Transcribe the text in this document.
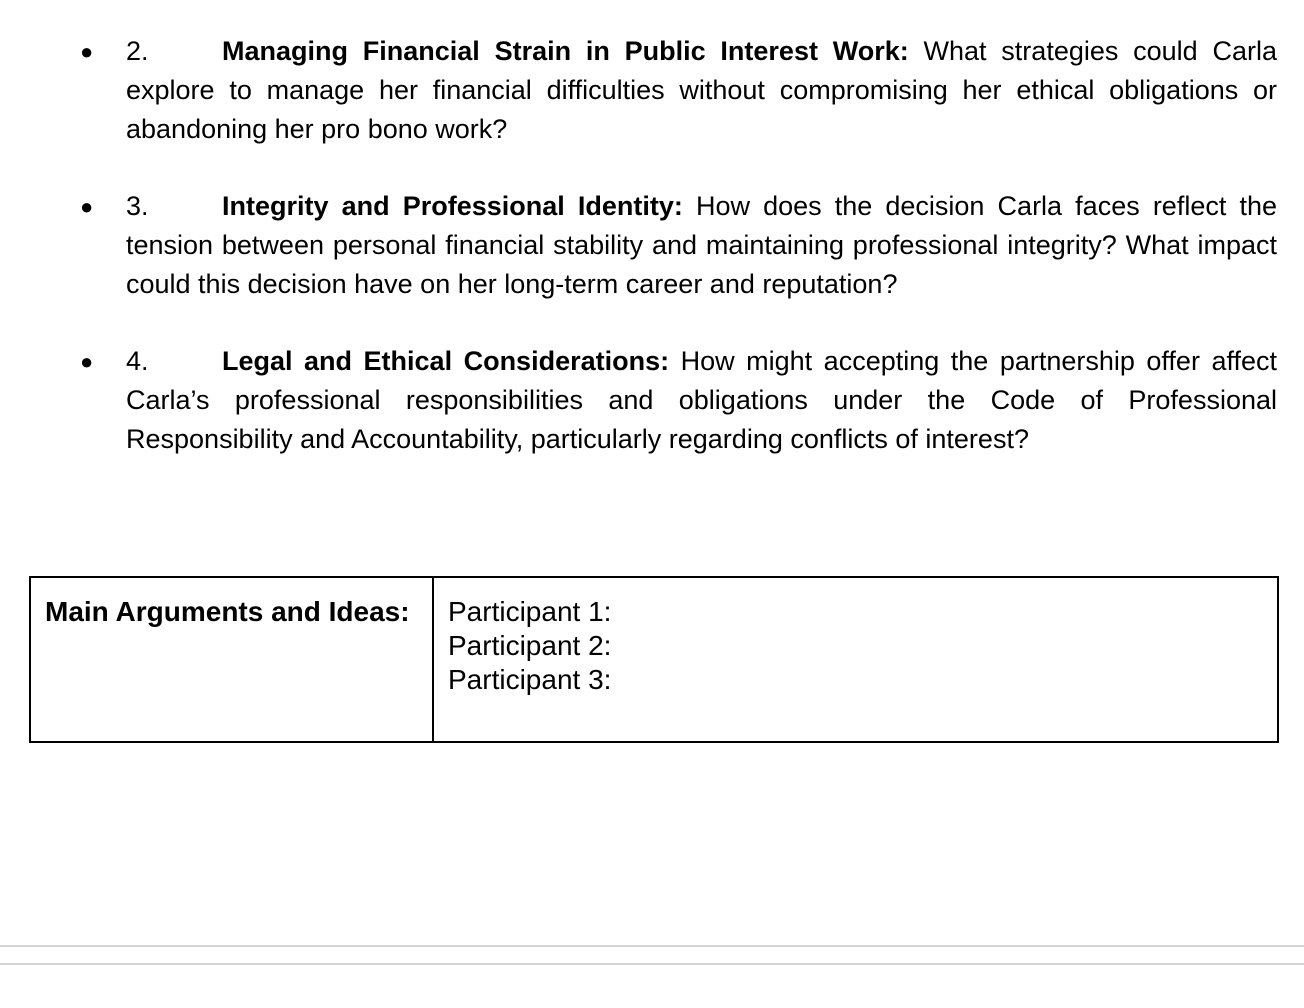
● 2.	Managing Financial Strain in Public Interest Work: What strategies could Carla explore to manage her financial difficulties without compromising her ethical obligations or abandoning her pro bono work?
● 3.	Integrity and Professional Identity: How does the decision Carla faces reflect the tension between personal financial stability and maintaining professional integrity? What impact could this decision have on her long-term career and reputation?
● 4.	Legal and Ethical Considerations: How might accepting the partnership offer affect Carla’s professional responsibilities and obligations under the Code of Professional Responsibility and Accountability, particularly regarding conflicts of interest?
Main Arguments and Ideas:	Participant 1:
Participant 2:
Participant 3:
